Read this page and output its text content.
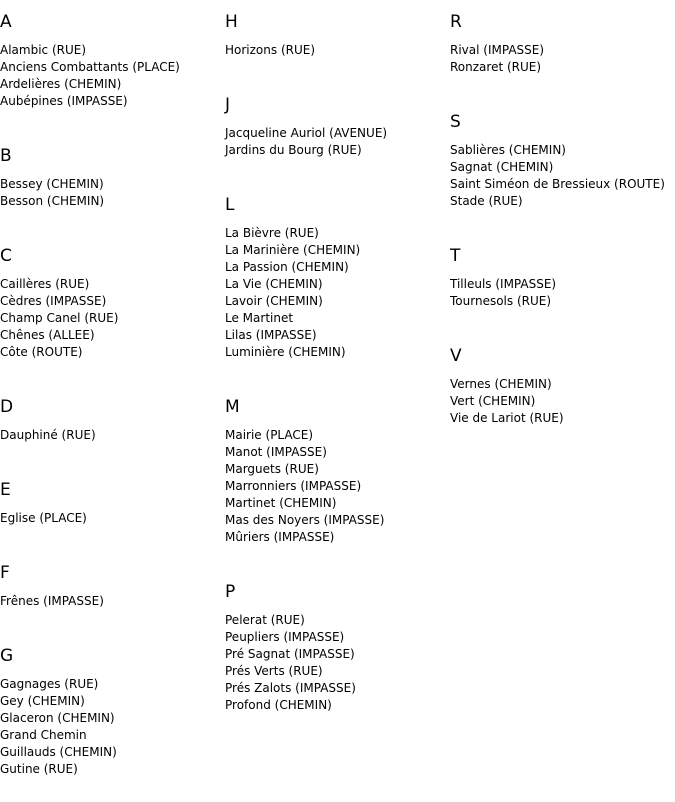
A
Alambic (RUE)
Anciens Combattants (PLACE)
Ardelières (CHEMIN)
Aubépines (IMPASSE)
B
Bessey (CHEMIN)
Besson (CHEMIN)
C
Caillères (RUE)
Cèdres (IMPASSE)
Champ Canel (RUE)
Chênes (ALLEE)
Côte (ROUTE)
D
Dauphiné (RUE)
E
Eglise (PLACE)
F
Frênes (IMPASSE)
G
Gagnages (RUE)
Gey (CHEMIN)
Glaceron (CHEMIN)
Grand Chemin
Guillauds (CHEMIN)
Gutine (RUE)
H
Horizons (RUE)
J
Jacqueline Auriol (AVENUE)
Jardins du Bourg (RUE)
L
La Bièvre (RUE)
La Marinière (CHEMIN)
La Passion (CHEMIN)
La Vie (CHEMIN)
Lavoir (CHEMIN)
Le Martinet
Lilas (IMPASSE)
Luminière (CHEMIN)
M
Mairie (PLACE)
Manot (IMPASSE)
Marguets (RUE)
Marronniers (IMPASSE)
Martinet (CHEMIN)
Mas des Noyers (IMPASSE)
Mûriers (IMPASSE)
P
Pelerat (RUE)
Peupliers (IMPASSE)
Pré Sagnat (IMPASSE)
Prés Verts (RUE)
Prés Zalots (IMPASSE)
Profond (CHEMIN)
R
Rival (IMPASSE)
Ronzaret (RUE)
S
Sablières (CHEMIN)
Sagnat (CHEMIN)
Saint Siméon de Bressieux (ROUTE)
Stade (RUE)
T
Tilleuls (IMPASSE)
Tournesols (RUE)
V
Vernes (CHEMIN)
Vert (CHEMIN)
Vie de Lariot (RUE)
